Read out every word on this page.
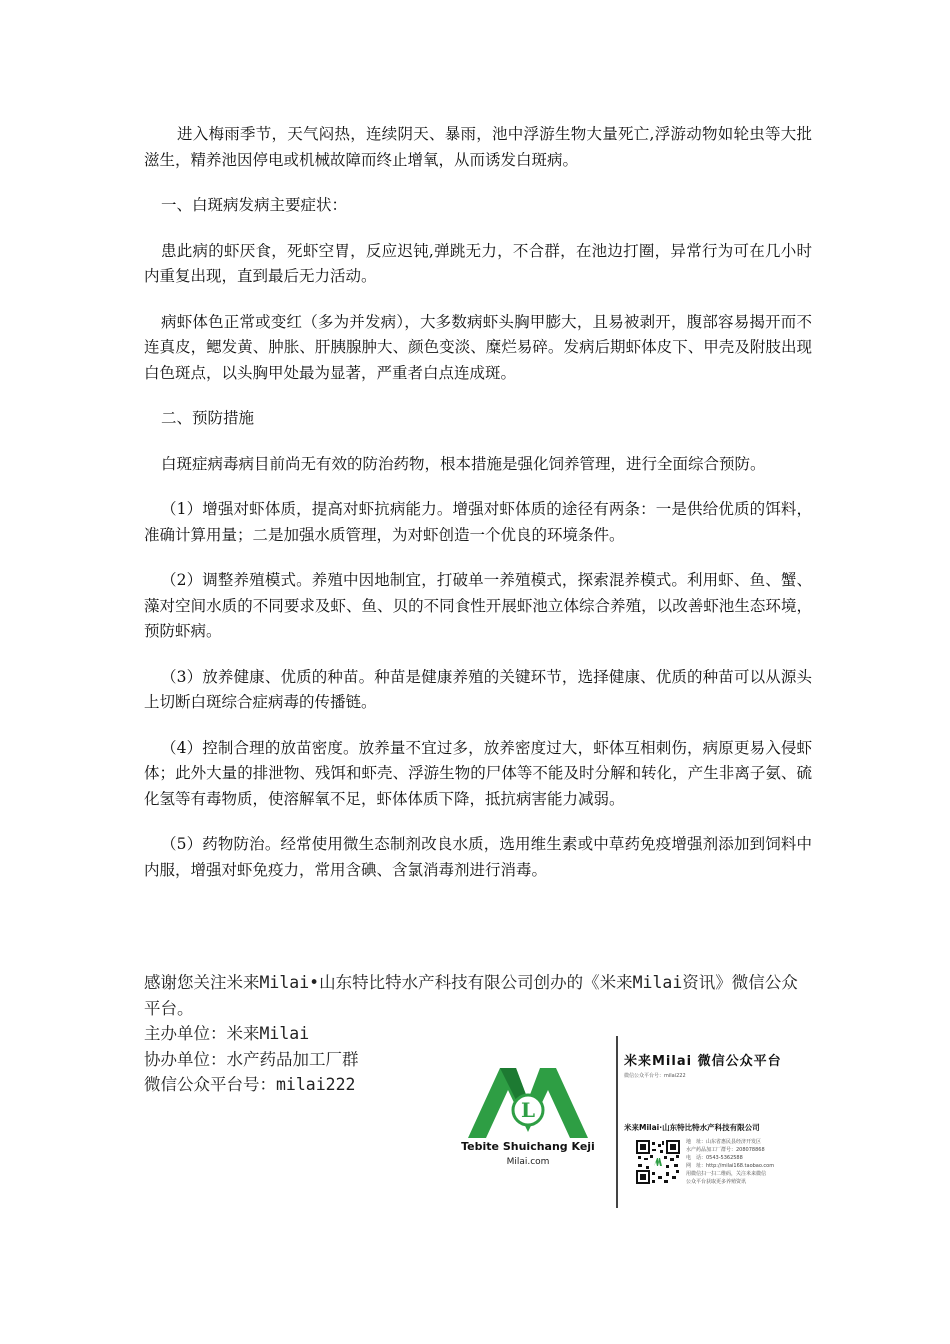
进入梅雨季节，天气闷热，连续阴天、暴雨，池中浮游生物大量死亡,浮游动物如轮虫等大批滋生，精养池因停电或机械故障而终止增氧，从而诱发白斑病。

一、白斑病发病主要症状：

患此病的虾厌食，死虾空胃，反应迟钝,弹跳无力，不合群，在池边打圈，异常行为可在几小时内重复出现，直到最后无力活动。

病虾体色正常或变红（多为并发病），大多数病虾头胸甲膨大，且易被剥开，腹部容易揭开而不连真皮，鳃发黄、肿胀、肝胰腺肿大、颜色变淡、糜烂易碎。发病后期虾体皮下、甲壳及附肢出现白色斑点，以头胸甲处最为显著，严重者白点连成斑。

二、预防措施

白斑症病毒病目前尚无有效的防治药物，根本措施是强化饲养管理，进行全面综合预防。

（1）增强对虾体质，提高对虾抗病能力。增强对虾体质的途径有两条：一是供给优质的饵料，准确计算用量；二是加强水质管理，为对虾创造一个优良的环境条件。

（2）调整养殖模式。养殖中因地制宜，打破单一养殖模式，探索混养模式。利用虾、鱼、蟹、藻对空间水质的不同要求及虾、鱼、贝的不同食性开展虾池立体综合养殖，以改善虾池生态环境，预防虾病。

（3）放养健康、优质的种苗。种苗是健康养殖的关键环节，选择健康、优质的种苗可以从源头上切断白斑综合症病毒的传播链。

（4）控制合理的放苗密度。放养量不宜过多，放养密度过大，虾体互相刺伤，病原更易入侵虾体；此外大量的排泄物、残饵和虾壳、浮游生物的尸体等不能及时分解和转化，产生非离子氨、硫化氢等有毒物质，使溶解氧不足，虾体体质下降，抵抗病害能力减弱。

（5）药物防治。经常使用微生态制剂改良水质，选用维生素或中草药免疫增强剂添加到饲料中内服，增强对虾免疫力，常用含碘、含氯消毒剂进行消毒。

感谢您关注米来Milai•山东特比特水产科技有限公司创办的《米来Milai资讯》微信公众平台。
主办单位：米来Milai
协办单位：水产药品加工厂群
微信公众平台号：milai222
L
Tebite Shuichang Keji
Milai.com
米来Milai 微信公众平台
微信公众平台号：milai222
米来Milai·山东特比特水产科技有限公司
地　址：山东省惠民县经济开发区
水产药品加工厂群号：208078868
电　话：0543-5362588
网　址：http://milai168.taobao.com
用微信扫一扫二维码，关注米来微信
公众平台获取更多养殖资讯
